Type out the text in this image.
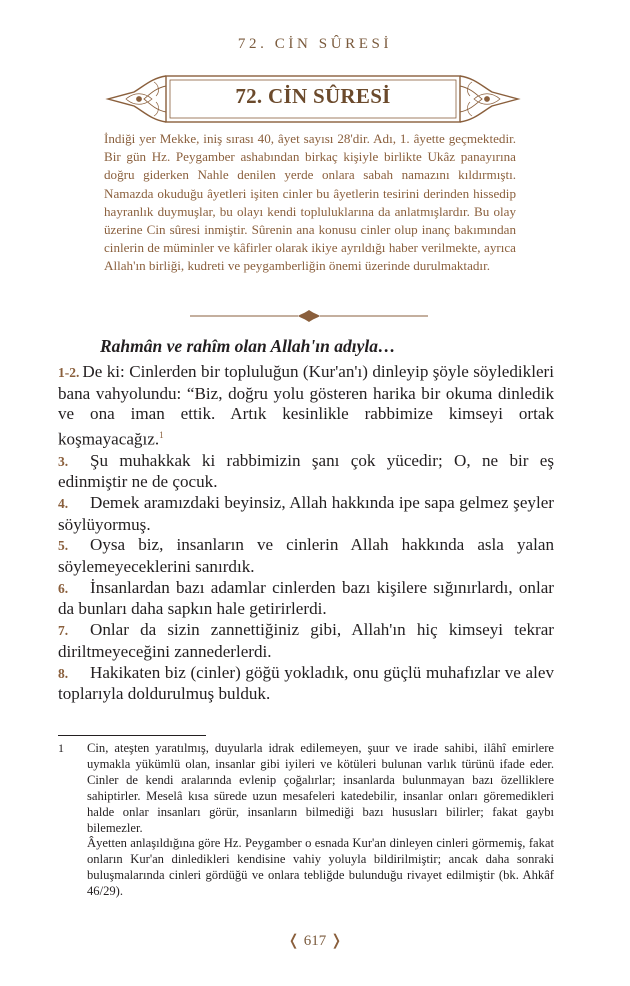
72. CİN SÛRESİ
72. CİN SÛRESİ
İndiği yer Mekke, iniş sırası 40, âyet sayısı 28'dir. Adı, 1. âyette geçmektedir. Bir gün Hz. Peygamber ashabından birkaç kişiyle birlikte Ukâz panayırına doğru giderken Nahle denilen yerde onlara sabah namazını kıldırmıştı. Namazda okuduğu âyetleri işiten cinler bu âyetlerin tesirini derinden hissedip hayranlık duymuşlar, bu olayı kendi topluluklarına da anlatmışlardır. Bu olay üzerine Cin sûresi inmiştir. Sûrenin ana konusu cinler olup inanç bakımından cinlerin de müminler ve kâfirler olarak ikiye ayrıldığı haber verilmekte, ayrıca Allah'ın birliği, kudreti ve peygamberliğin önemi üzerinde durulmaktadır.
Rahmân ve rahîm olan Allah'ın adıyla…

1-2. De ki: Cinlerden bir topluluğun (Kur'an'ı) dinleyip şöyle söyledikleri bana vahyolundu: “Biz, doğru yolu gösteren harika bir okuma dinledik ve ona iman ettik. Artık kesinlikle rabbimize kimseyi ortak koşmayacağız.$^1$

3. Şu muhakkak ki rabbimizin şanı çok yücedir; O, ne bir eş edinmiştir ne de çocuk.

4. Demek aramızdaki beyinsiz, Allah hakkında ipe sapa gelmez şeyler söylüyormuş.

5. Oysa biz, insanların ve cinlerin Allah hakkında asla yalan söylemeyeceklerini sanırdık.

6. İnsanlardan bazı adamlar cinlerden bazı kişilere sığınırlardı, onlar da bunları daha sapkın hale getirirlerdi.

7. Onlar da sizin zannettiğiniz gibi, Allah'ın hiç kimseyi tekrar diriltmeyeceğini zannederlerdi.

8. Hakikaten biz (cinler) göğü yokladık, onu güçlü muhafızlar ve alev toplarıyla doldurulmuş bulduk.

1 Cin, ateşten yaratılmış, duyularla idrak edilemeyen, şuur ve irade sahibi, ilâhî emirlere uymakla yükümlü olan, insanlar gibi iyileri ve kötüleri bulunan varlık türünü ifade eder. Cinler de kendi aralarında evlenip çoğalırlar; insanlarda bulunmayan bazı özelliklere sahiptirler. Meselâ kısa sürede uzun mesafeleri katedebilir, insanlar onları göremedikleri halde onlar insanları görür, insanların bilmediği bazı hususları bilirler; fakat gaybı bilemezler.

Âyetten anlaşıldığına göre Hz. Peygamber o esnada Kur'an dinleyen cinleri görmemiş, fakat onların Kur'an dinledikleri kendisine vahiy yoluyla bildirilmiştir; ancak daha sonraki buluşmalarında cinleri gördüğü ve onlara tebliğde bulunduğu rivayet edilmiştir (bk. Ahkâf 46/29).

❬ 617 ❭
